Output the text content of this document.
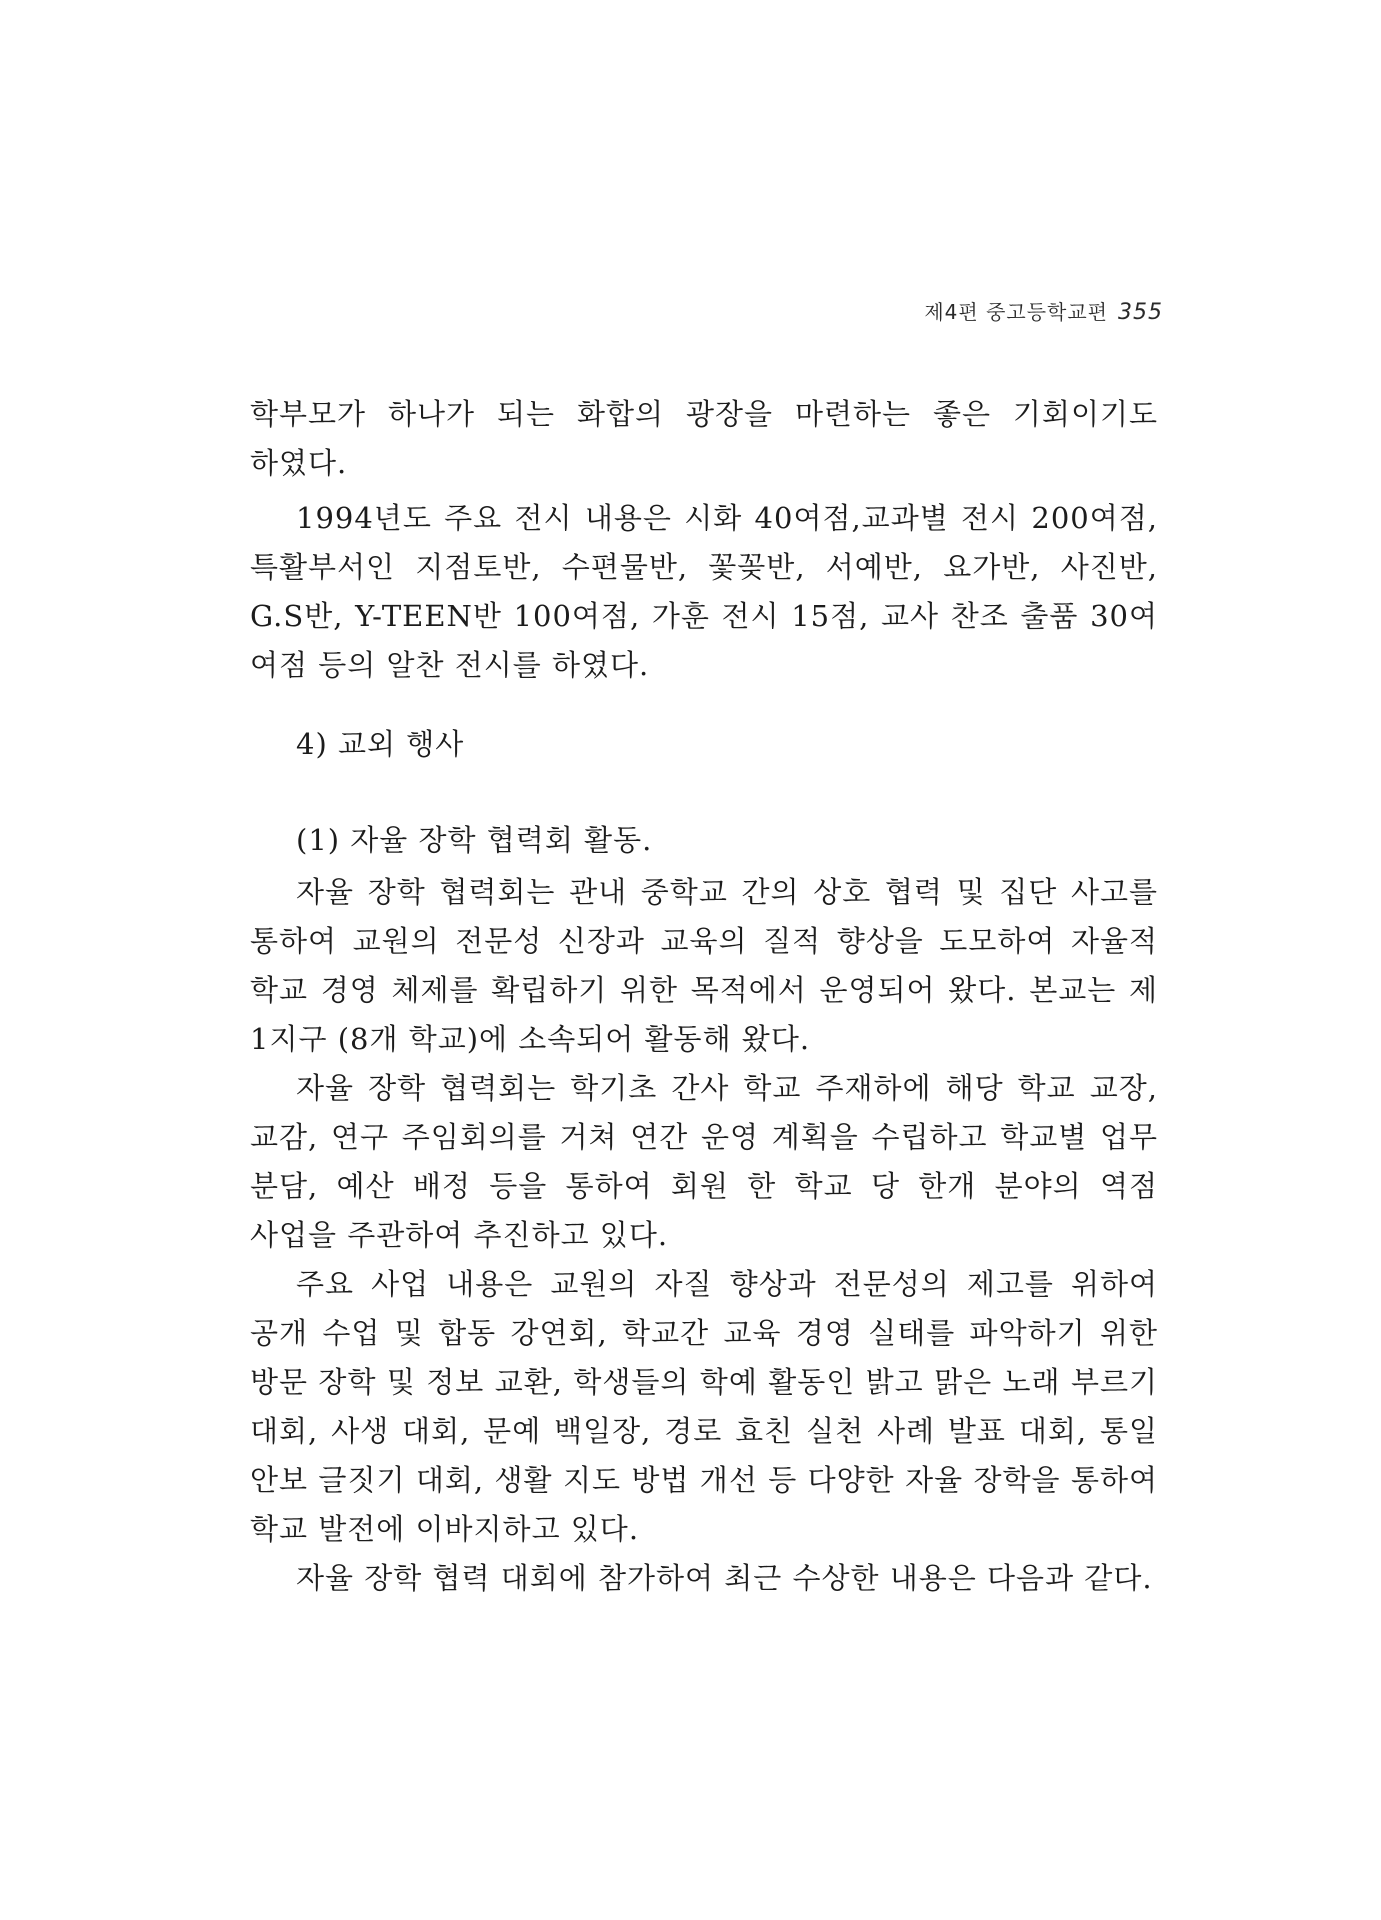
제4편 중고등학교편 355

학부모가 하나가 되는 화합의 광장을 마련하는 좋은 기회이기도 하였다.

1994년도 주요 전시 내용은 시화 40여점,교과별 전시 200여점, 특활부서인 지점토반, 수편물반, 꽃꽂반, 서예반, 요가반, 사진반, G.S반, Y-TEEN반 100여점, 가훈 전시 15점, 교사 찬조 출품 30여 여점 등의 알찬 전시를 하였다.

4) 교외 행사
(1) 자율 장학 협력회 활동.

자율 장학 협력회는 관내 중학교 간의 상호 협력 및 집단 사고를 통하여 교원의 전문성 신장과 교육의 질적 향상을 도모하여 자율적 학교 경영 체제를 확립하기 위한 목적에서 운영되어 왔다. 본교는 제 1지구 (8개 학교)에 소속되어 활동해 왔다.

자율 장학 협력회는 학기초 간사 학교 주재하에 해당 학교 교장,교감, 연구 주임회의를 거쳐 연간 운영 계획을 수립하고 학교별 업무 분담, 예산 배정 등을 통하여 회원 한 학교 당 한개 분야의 역점 사업을 주관하여 추진하고 있다.

주요 사업 내용은 교원의 자질 향상과 전문성의 제고를 위하여 공개 수업 및 합동 강연회, 학교간 교육 경영 실태를 파악하기 위한 방문 장학 및 정보 교환, 학생들의 학예 활동인 밝고 맑은 노래 부르기 대회, 사생 대회, 문예 백일장, 경로 효친 실천 사례 발표 대회, 통일 안보 글짓기 대회, 생활 지도 방법 개선 등 다양한 자율 장학을 통하여 학교 발전에 이바지하고 있다.

자율 장학 협력 대회에 참가하여 최근 수상한 내용은 다음과 같다.
